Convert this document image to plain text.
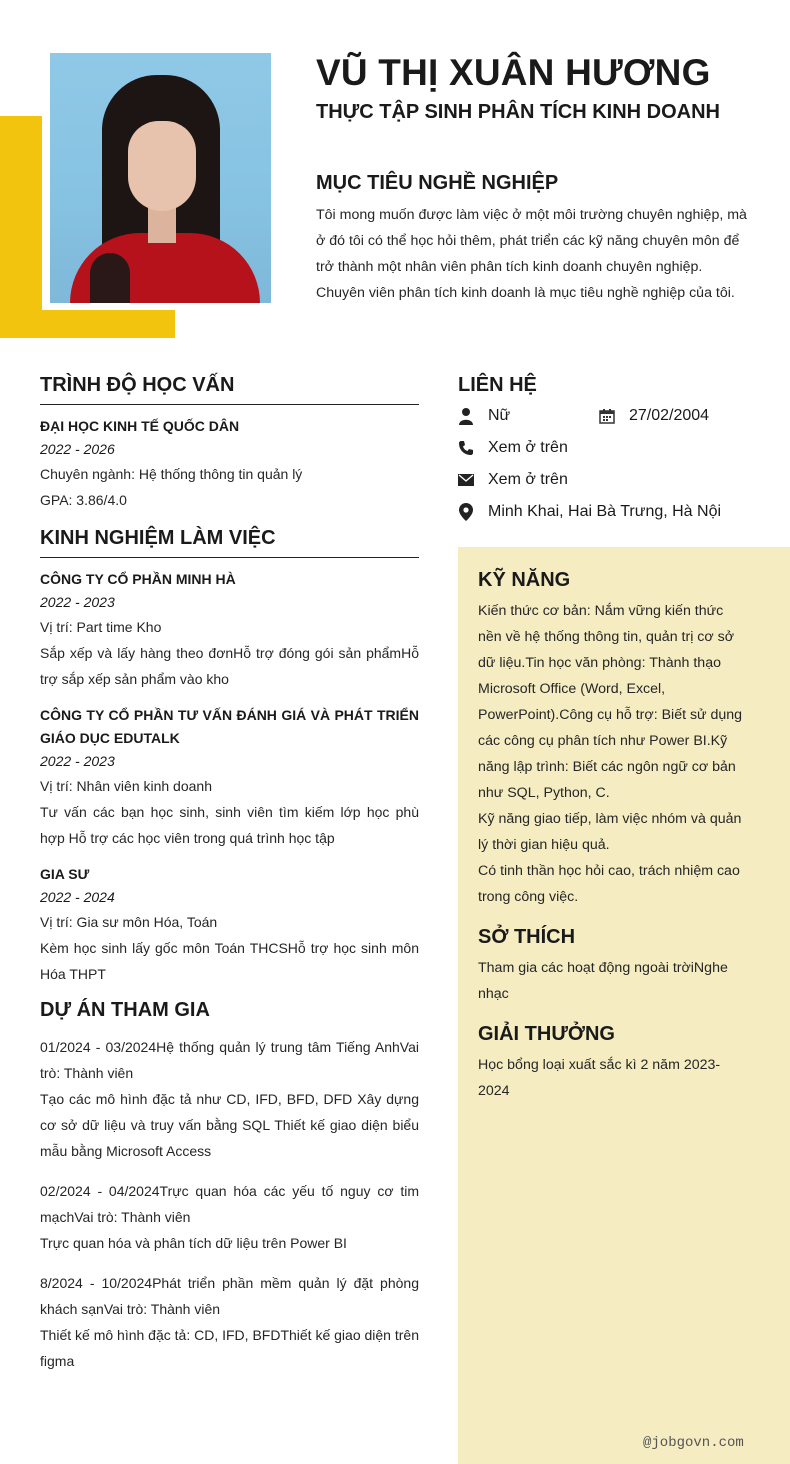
VŨ THỊ XUÂN HƯƠNG
THỰC TẬP SINH PHÂN TÍCH KINH DOANH
MỤC TIÊU NGHỀ NGHIỆP
Tôi mong muốn được làm việc ở một môi trường chuyên nghiệp, mà ở đó tôi có thể học hỏi thêm, phát triển các kỹ năng chuyên môn để trở thành một nhân viên phân tích kinh doanh chuyên nghiệp. Chuyên viên phân tích kinh doanh là mục tiêu nghề nghiệp của tôi.
TRÌNH ĐỘ HỌC VẤN
ĐẠI HỌC KINH TẾ QUỐC DÂN
2022 - 2026
Chuyên ngành: Hệ thống thông tin quản lý
GPA: 3.86/4.0
KINH NGHIỆM LÀM VIỆC
CÔNG TY CỔ PHẦN MINH HÀ
2022 - 2023
Vị trí: Part time Kho
Sắp xếp và lấy hàng theo đơnHỗ trợ đóng gói sản phẩmHỗ trợ sắp xếp sản phẩm vào kho
CÔNG TY CỔ PHẦN TƯ VẤN ĐÁNH GIÁ VÀ PHÁT TRIỂN GIÁO DỤC EDUTALK
2022 - 2023
Vị trí: Nhân viên kinh doanh
Tư vấn các bạn học sinh, sinh viên tìm kiếm lớp học phù hợp Hỗ trợ các học viên trong quá trình học tập
GIA SƯ
2022 - 2024
Vị trí: Gia sư môn Hóa, Toán
Kèm học sinh lấy gốc môn Toán THCSHỗ trợ học sinh môn Hóa THPT
DỰ ÁN THAM GIA
01/2024 - 03/2024Hệ thống quản lý trung tâm Tiếng AnhVai trò: Thành viên
Tạo các mô hình đặc tả như CD, IFD, BFD, DFD Xây dựng cơ sở dữ liệu và truy vấn bằng SQL Thiết kế giao diện biểu mẫu bằng Microsoft Access
02/2024 - 04/2024Trực quan hóa các yếu tố nguy cơ tim mạchVai trò: Thành viên
Trực quan hóa và phân tích dữ liệu trên Power BI
8/2024 - 10/2024Phát triển phần mềm quản lý đặt phòng khách sạnVai trò: Thành viên
Thiết kế mô hình đặc tả: CD, IFD, BFDThiết kế giao diện trên figma
LIÊN HỆ
Nữ	27/02/2004
Xem ở trên
Xem ở trên
Minh Khai, Hai Bà Trưng, Hà Nội
KỸ NĂNG
Kiến thức cơ bản: Nắm vững kiến thức nền về hệ thống thông tin, quản trị cơ sở dữ liệu.Tin học văn phòng: Thành thạo Microsoft Office (Word, Excel, PowerPoint).Công cụ hỗ trợ: Biết sử dụng các công cụ phân tích như Power BI.Kỹ năng lập trình: Biết các ngôn ngữ cơ bản như SQL, Python, C.
Kỹ năng giao tiếp, làm việc nhóm và quản lý thời gian hiệu quả.
Có tinh thần học hỏi cao, trách nhiệm cao trong công việc.
SỞ THÍCH
Tham gia các hoạt động ngoài trờiNghe nhạc
GIẢI THƯỞNG
Học bổng loại xuất sắc kì 2 năm 2023-2024
@jobgovn.com
